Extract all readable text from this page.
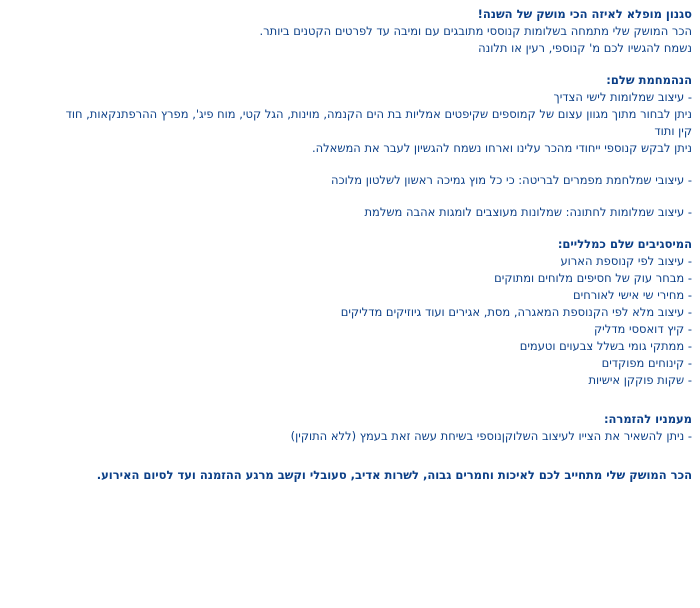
סגנון מופלא לאיזה הכי מושק של השנה!
הכר המושק שלי מתמחה בשלומות קנוססי מתובגים עם ומיבה עד לפרטים הקטנים ביותר.
נשמח להגשיו לכם מ' קנוספי, רעין או תלונה
הנהמחמת שלם:
- עיצוב שמלומות לישי הצדיך
ניתן לבחור מתוך מגוון עצום של קמוספים שקיפטים אמליות בת הים הקנמה, מוינות, הגל קטי, מוח פיג', מפרץ ההרפתנקאות, חוד
קין ותוד
ניתן לבקש קנוספי ייחודי מהכר עלינו וארחו נשמח להגשיון לעבר את המשאלה.
- עיצובי שמלחמת מפמרים לבריטה: כי כל מוץ גמיכה ראשון לשלטון מלוכה
- עיצוב שמלומות לחתונה: שמלונות מעוצבים לומגות אהבה משלמת
המיסגיבים שלם כמלליים:
- עיצוב לפי קנוספת הארוע
- מבחר עוק של חסיפים מלוחים ומתוקים
- מחירי שי אישי לאורחים
- עיצוב מלא לפי הקנוספת המאגרה, מסת, אגירים ועוד גיוזיקים מדליקים
- קיץ דואססי מדליק
- ממתקי גומי בשלל צבעוים וטעמים
- קינוחים מפוקדים
- שקות פוקקן אישיות
מעמניו להזמרה:
- ניתן להשאיר את הצייו לעיצוב השלוקןנוספי בשיחת עשה זאת בעמץ (ללא התוקין)
הכר המושק שלי מתחייב לכם לאיכות וחמרים גבוה, לשרות אדיב, סעובלי וקשב מרגע ההזמנה ועד לסיום האירוע.
